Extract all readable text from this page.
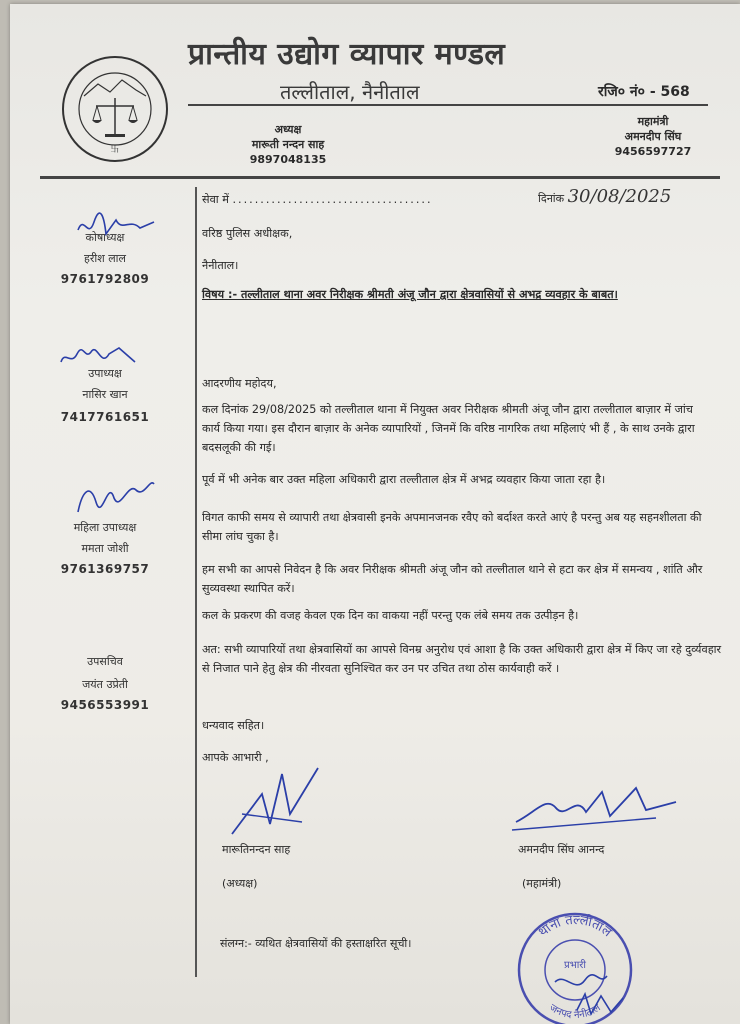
卐
प्रान्तीय उद्योग व्यापार मण्डल
तल्लीताल, नैनीताल	रजि० नं० - 568
अध्यक्ष
मारूती नन्दन साह
9897048135
महामंत्री
अमनदीप सिंघ
9456597727
कोषाध्यक्ष
हरीश लाल
9761792809
उपाध्यक्ष
नासिर खान
7417761651
महिला उपाध्यक्ष
ममता जोशी
9761369757
उपसचिव
जयंत उप्रेती
9456553991
सेवा में ....................................	दिनांक 30/08/2025
वरिष्ठ पुलिस अधीक्षक,
नैनीताल।
विषय :- तल्लीताल थाना अवर निरीक्षक श्रीमती अंजू जौन द्वारा क्षेत्रवासियों से अभद्र व्यवहार के बाबत।
आदरणीय महोदय,
कल दिनांक 29/08/2025 को तल्लीताल थाना में नियुक्त अवर निरीक्षक श्रीमती अंजू जौन द्वारा तल्लीताल बाज़ार में जांच कार्य किया गया। इस दौरान बाज़ार के अनेक व्यापारियों , जिनमें कि वरिष्ठ नागरिक तथा महिलाएं भी हैं , के साथ उनके द्वारा बदसलूकी की गई।
पूर्व में भी अनेक बार उक्त महिला अधिकारी द्वारा तल्लीताल क्षेत्र में अभद्र व्यवहार किया जाता रहा है।
विगत काफी समय से व्यापारी तथा क्षेत्रवासी इनके अपमानजनक रवैए को बर्दाश्त करते आएं है परन्तु अब यह सहनशीलता की सीमा लांघ चुका है।
हम सभी का आपसे निवेदन है कि अवर निरीक्षक श्रीमती अंजू जौन को तल्लीताल थाने से हटा कर क्षेत्र में समन्वय , शांति और सुव्यवस्था स्थापित करें।
कल के प्रकरण की वजह केवल एक दिन का वाकया नहीं परन्तु एक लंबे समय तक उत्पीड़न है।
अत: सभी व्यापारियों तथा क्षेत्रवासियों का आपसे विनम्र अनुरोध एवं आशा है कि उक्त अधिकारी द्वारा क्षेत्र में किए जा रहे दुर्व्यवहार से निजात पाने हेतु क्षेत्र की नीरवता सुनिश्चित कर उन पर उचित तथा ठोस कार्यवाही करें ।
धन्यवाद सहित।
आपके आभारी ,
मारूतिनन्दन साह
(अध्यक्ष)
अमनदीप सिंघ आनन्द
(महामंत्री)
संलग्न:- व्यथित क्षेत्रवासियों की हस्ताक्षरित सूची।
थाना तल्लीताल
जनपद नैनीताल
प्रभारी
